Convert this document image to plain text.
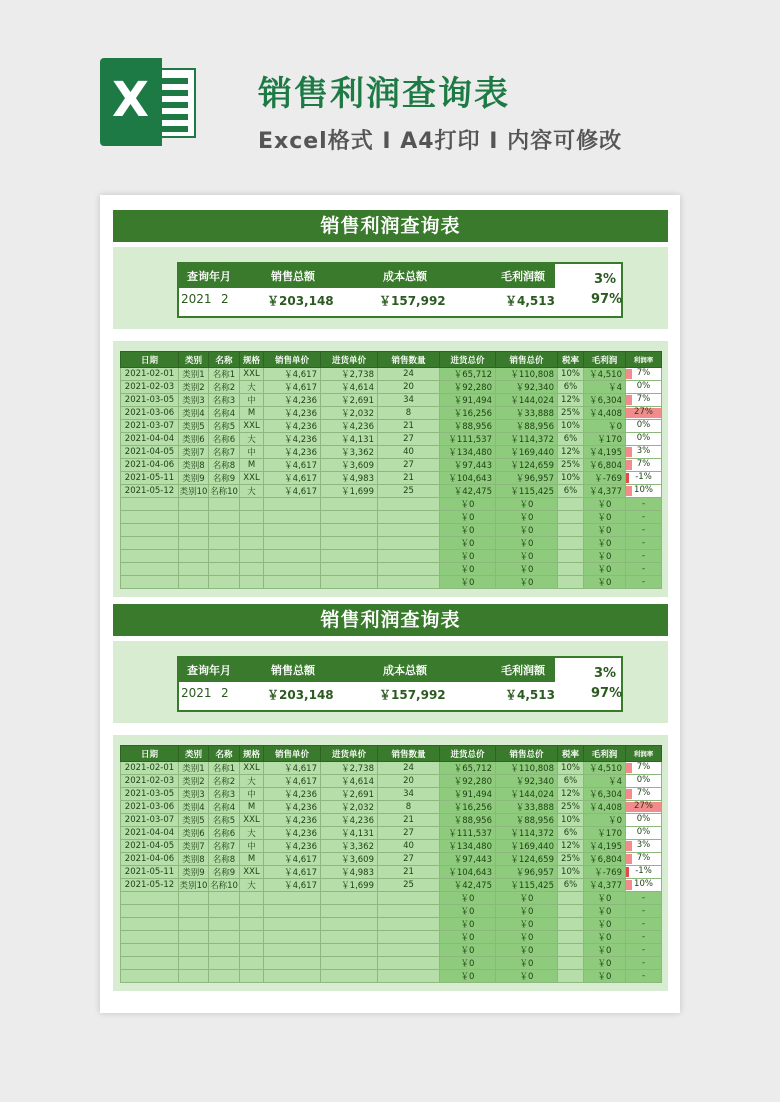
X	销售利润查询表
Excel格式 I A4打印 I 内容可修改
销售利润查询表
查询年月	销售总额	成本总额	毛利润额
2021 2	￥203,148	￥157,992	￥4,513
3%
97%
日期	类别	名称	规格	销售单价	进货单价	销售数量	进货总价	销售总价	税率	毛利润	利润率
2021-02-01	类别1	名称1	XXL	￥4,617	￥2,738	24	￥65,712	￥110,808	10%	￥4,510	7%

2021-02-03	类别2	名称2	大	￥4,617	￥4,614	20	￥92,280	￥92,340	6%	￥4	0%

2021-03-05	类别3	名称3	中	￥4,236	￥2,691	34	￥91,494	￥144,024	12%	￥6,304	7%

2021-03-06	类别4	名称4	M	￥4,236	￥2,032	8	￥16,256	￥33,888	25%	￥4,408	27%

2021-03-07	类别5	名称5	XXL	￥4,236	￥4,236	21	￥88,956	￥88,956	10%	￥0	0%

2021-04-04	类别6	名称6	大	￥4,236	￥4,131	27	￥111,537	￥114,372	6%	￥170	0%

2021-04-05	类别7	名称7	中	￥4,236	￥3,362	40	￥134,480	￥169,440	12%	￥4,195	3%

2021-04-06	类别8	名称8	M	￥4,617	￥3,609	27	￥97,443	￥124,659	25%	￥6,804	7%

2021-05-11	类别9	名称9	XXL	￥4,617	￥4,983	21	￥104,643	￥96,957	10%	￥-769	-1%

2021-05-12	类别10	名称10	大	￥4,617	￥1,699	25	￥42,475	￥115,425	6%	￥4,377	10%

							￥0	￥0		￥0	-
							￥0	￥0		￥0	-
							￥0	￥0		￥0	-
							￥0	￥0		￥0	-
							￥0	￥0		￥0	-
							￥0	￥0		￥0	-
							￥0	￥0		￥0	-
销售利润查询表
查询年月	销售总额	成本总额	毛利润额
2021 2	￥203,148	￥157,992	￥4,513
3%
97%
日期	类别	名称	规格	销售单价	进货单价	销售数量	进货总价	销售总价	税率	毛利润	利润率
2021-02-01	类别1	名称1	XXL	￥4,617	￥2,738	24	￥65,712	￥110,808	10%	￥4,510	7%

2021-02-03	类别2	名称2	大	￥4,617	￥4,614	20	￥92,280	￥92,340	6%	￥4	0%

2021-03-05	类别3	名称3	中	￥4,236	￥2,691	34	￥91,494	￥144,024	12%	￥6,304	7%

2021-03-06	类别4	名称4	M	￥4,236	￥2,032	8	￥16,256	￥33,888	25%	￥4,408	27%

2021-03-07	类别5	名称5	XXL	￥4,236	￥4,236	21	￥88,956	￥88,956	10%	￥0	0%

2021-04-04	类别6	名称6	大	￥4,236	￥4,131	27	￥111,537	￥114,372	6%	￥170	0%

2021-04-05	类别7	名称7	中	￥4,236	￥3,362	40	￥134,480	￥169,440	12%	￥4,195	3%

2021-04-06	类别8	名称8	M	￥4,617	￥3,609	27	￥97,443	￥124,659	25%	￥6,804	7%

2021-05-11	类别9	名称9	XXL	￥4,617	￥4,983	21	￥104,643	￥96,957	10%	￥-769	-1%

2021-05-12	类别10	名称10	大	￥4,617	￥1,699	25	￥42,475	￥115,425	6%	￥4,377	10%

							￥0	￥0		￥0	-
							￥0	￥0		￥0	-
							￥0	￥0		￥0	-
							￥0	￥0		￥0	-
							￥0	￥0		￥0	-
							￥0	￥0		￥0	-
							￥0	￥0		￥0	-
